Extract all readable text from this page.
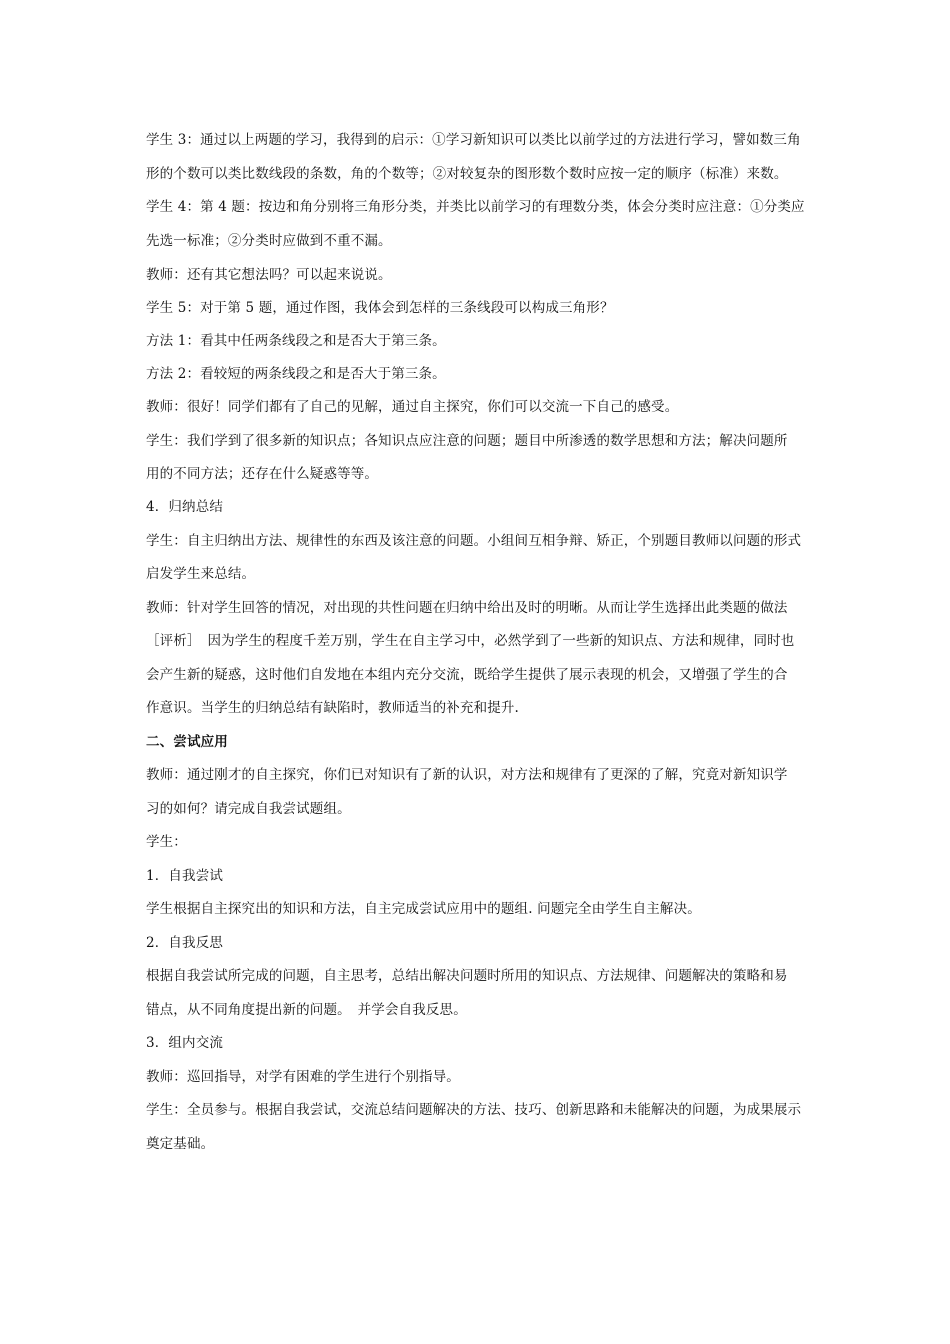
学生 3：通过以上两题的学习，我得到的启示：①学习新知识可以类比以前学过的方法进行学习，譬如数三角
形的个数可以类比数线段的条数，角的个数等；②对较复杂的图形数个数时应按一定的顺序（标准）来数。
学生 4：第 4 题：按边和角分别将三角形分类，并类比以前学习的有理数分类，体会分类时应注意：①分类应
先选一标准；②分类时应做到不重不漏。
教师：还有其它想法吗？可以起来说说。
学生 5：对于第 5 题，通过作图，我体会到怎样的三条线段可以构成三角形？
方法 1：看其中任两条线段之和是否大于第三条。
方法 2：看较短的两条线段之和是否大于第三条。
教师：很好！同学们都有了自己的见解，通过自主探究，你们可以交流一下自己的感受。
学生：我们学到了很多新的知识点；各知识点应注意的问题；题目中所渗透的数学思想和方法；解决问题所
用的不同方法；还存在什么疑惑等等。
4．归纳总结
学生：自主归纳出方法、规律性的东西及该注意的问题。小组间互相争辩、矫正，个别题目教师以问题的形式
启发学生来总结。
教师：针对学生回答的情况，对出现的共性问题在归纳中给出及时的明晰。从而让学生选择出此类题的做法
［评析］　因为学生的程度千差万别，学生在自主学习中，必然学到了一些新的知识点、方法和规律，同时也
会产生新的疑惑，这时他们自发地在本组内充分交流，既给学生提供了展示表现的机会，又增强了学生的合
作意识。当学生的归纳总结有缺陷时，教师适当的补充和提升.
二、尝试应用
教师：通过刚才的自主探究，你们已对知识有了新的认识，对方法和规律有了更深的了解，究竟对新知识学
习的如何？请完成自我尝试题组。
学生：
1．自我尝试
学生根据自主探究出的知识和方法，自主完成尝试应用中的题组. 问题完全由学生自主解决。
2．自我反思
根据自我尝试所完成的问题，自主思考，总结出解决问题时所用的知识点、方法规律、问题解决的策略和易
错点，从不同角度提出新的问题。　并学会自我反思。
3．组内交流
教师：巡回指导，对学有困难的学生进行个别指导。
学生：全员参与。根据自我尝试，交流总结问题解决的方法、技巧、创新思路和未能解决的问题，为成果展示
奠定基础。
